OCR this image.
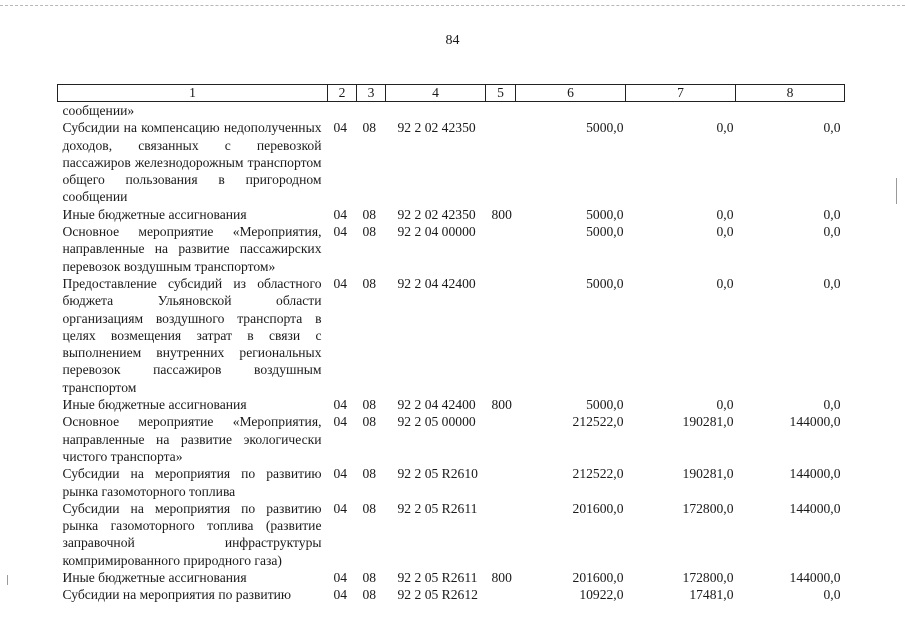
84
1	2	3	4	5	6	7	8
сообщении»							
Субсидии на компенсацию недополученных доходов, связанных с перевозкой пассажиров железнодорожным транспортом общего пользования в пригородном сообщении	04	08	92 2 02 42350		5000,0	0,0	0,0
Иные бюджетные ассигнования	04	08	92 2 02 42350	800	5000,0	0,0	0,0
Основное мероприятие «Мероприятия, направленные на развитие пассажирских перевозок воздушным транспортом»	04	08	92 2 04 00000		5000,0	0,0	0,0
Предоставление субсидий из областного бюджета Ульяновской области организациям воздушного транспорта в целях возмещения затрат в связи с выполнением внутренних региональных перевозок пассажиров воздушным транспортом	04	08	92 2 04 42400		5000,0	0,0	0,0
Иные бюджетные ассигнования	04	08	92 2 04 42400	800	5000,0	0,0	0,0
Основное мероприятие «Мероприятия, направленные на развитие экологически чистого транспорта»	04	08	92 2 05 00000		212522,0	190281,0	144000,0
Субсидии на мероприятия по развитию рынка газомоторного топлива	04	08	92 2 05 R2610		212522,0	190281,0	144000,0
Субсидии на мероприятия по развитию рынка газомоторного топлива (развитие заправочной инфраструктуры компримированного природного газа)	04	08	92 2 05 R2611		201600,0	172800,0	144000,0
Иные бюджетные ассигнования	04	08	92 2 05 R2611	800	201600,0	172800,0	144000,0
Субсидии на мероприятия по развитию	04	08	92 2 05 R2612		10922,0	17481,0	0,0
